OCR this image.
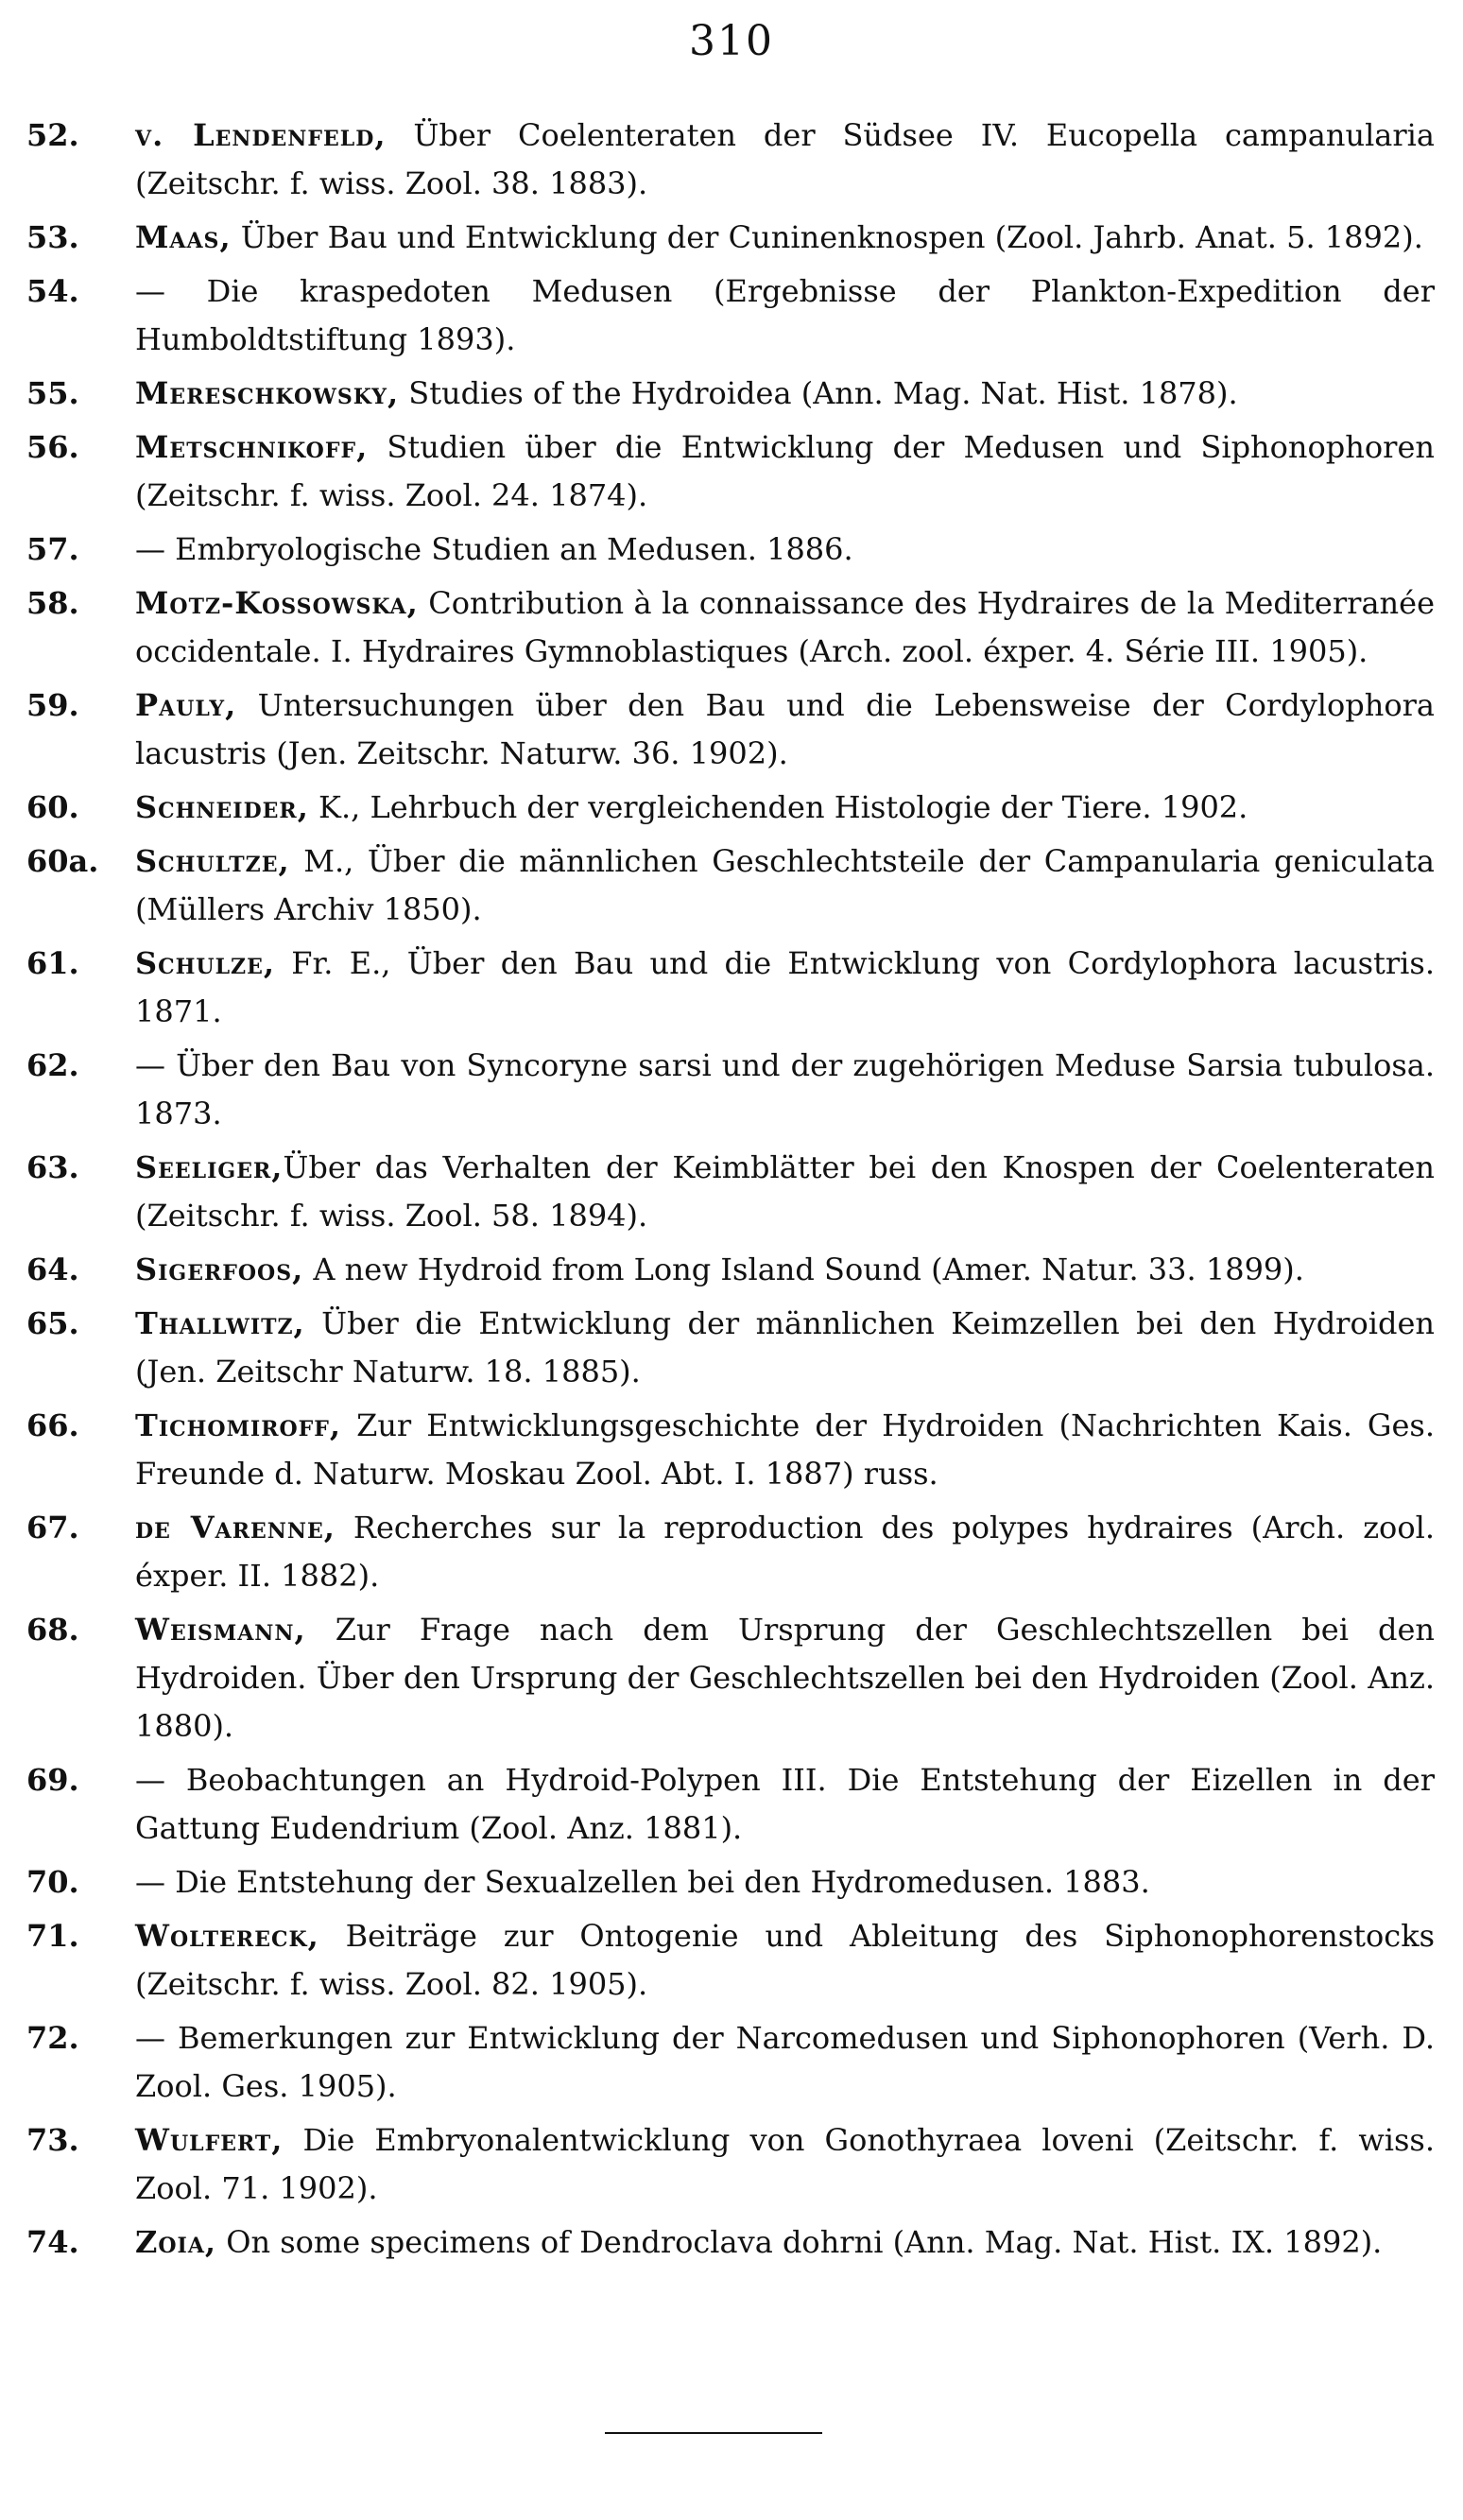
310
52.	v. Lendenfeld, Über Coelenteraten der Südsee IV. Eucopella campanularia (Zeitschr. f. wiss. Zool. 38. 1883).
53.	Maas, Über Bau und Entwicklung der Cuninenknospen (Zool. Jahrb. Anat. 5. 1892).
54.	— Die kraspedoten Medusen (Ergebnisse der Plankton-Expedition der Humboldtstiftung 1893).
55.	Mereschkowsky, Studies of the Hydroidea (Ann. Mag. Nat. Hist. 1878).
56.	Metschnikoff, Studien über die Entwicklung der Medusen und Siphonophoren (Zeitschr. f. wiss. Zool. 24. 1874).
57.	— Embryologische Studien an Medusen. 1886.
58.	Motz-Kossowska, Contribution à la connaissance des Hydraires de la Mediterranée occidentale. I. Hydraires Gymnoblastiques (Arch. zool. éxper. 4. Série III. 1905).
59.	Pauly, Untersuchungen über den Bau und die Lebensweise der Cordylophora lacustris (Jen. Zeitschr. Naturw. 36. 1902).
60.	Schneider, K., Lehrbuch der vergleichenden Histologie der Tiere. 1902.
60a.	Schultze, M., Über die männlichen Geschlechtsteile der Campanularia geniculata (Müllers Archiv 1850).
61.	Schulze, Fr. E., Über den Bau und die Entwicklung von Cordylophora lacustris. 1871.
62.	— Über den Bau von Syncoryne sarsi und der zugehörigen Meduse Sarsia tubulosa. 1873.
63.	Seeliger,Über das Verhalten der Keimblätter bei den Knospen der Coelenteraten (Zeitschr. f. wiss. Zool. 58. 1894).
64.	Sigerfoos, A new Hydroid from Long Island Sound (Amer. Natur. 33. 1899).
65.	Thallwitz, Über die Entwicklung der männlichen Keimzellen bei den Hydroiden (Jen. Zeitschr Naturw. 18. 1885).
66.	Tichomiroff, Zur Entwicklungsgeschichte der Hydroiden (Nachrichten Kais. Ges. Freunde d. Naturw. Moskau Zool. Abt. I. 1887) russ.
67.	de Varenne, Recherches sur la reproduction des polypes hydraires (Arch. zool. éxper. II. 1882).
68.	Weismann, Zur Frage nach dem Ursprung der Geschlechtszellen bei den Hydroiden. Über den Ursprung der Geschlechtszellen bei den Hydroiden (Zool. Anz. 1880).
69.	— Beobachtungen an Hydroid-Polypen III. Die Entstehung der Eizellen in der Gattung Eudendrium (Zool. Anz. 1881).
70.	— Die Entstehung der Sexualzellen bei den Hydromedusen. 1883.
71.	Woltereck, Beiträge zur Ontogenie und Ableitung des Siphonophorenstocks (Zeitschr. f. wiss. Zool. 82. 1905).
72.	— Bemerkungen zur Entwicklung der Narcomedusen und Siphonophoren (Verh. D. Zool. Ges. 1905).
73.	Wulfert, Die Embryonalentwicklung von Gonothyraea loveni (Zeitschr. f. wiss. Zool. 71. 1902).
74.	Zoia, On some specimens of Dendroclava dohrni (Ann. Mag. Nat. Hist. IX. 1892).
